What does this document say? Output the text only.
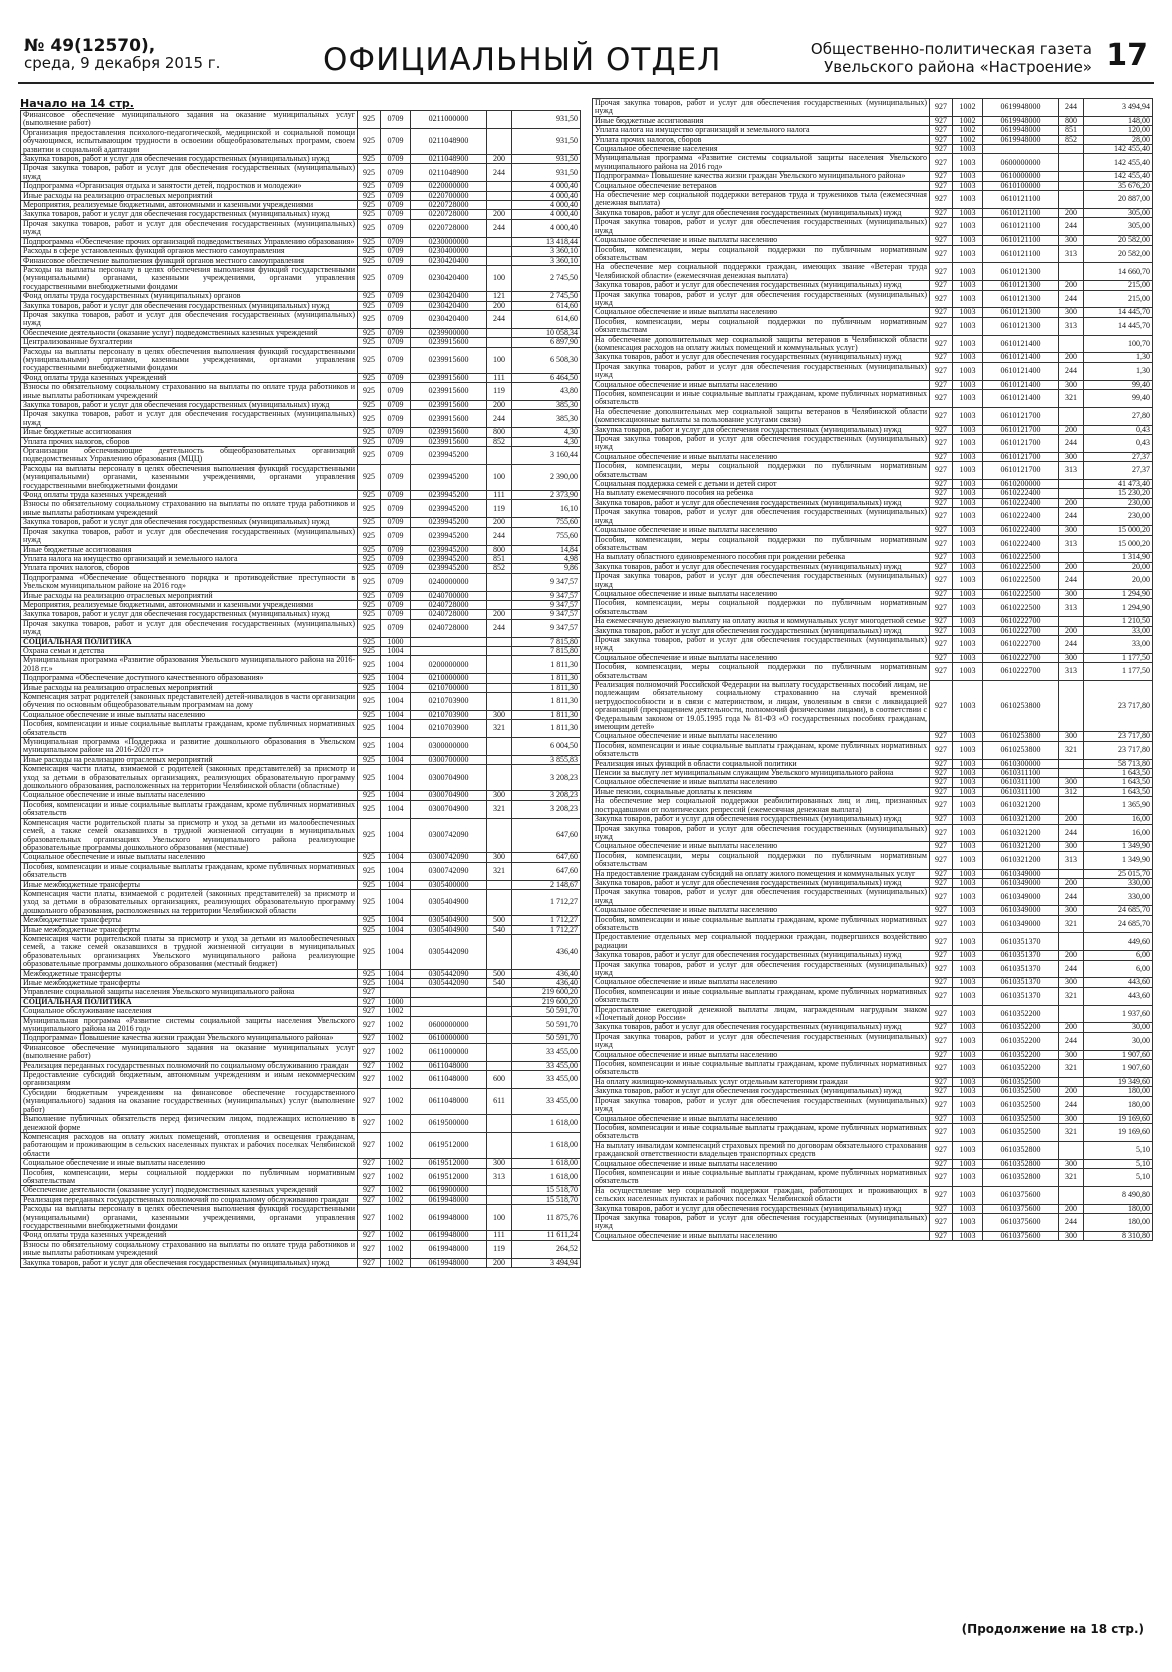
№ 49(12570),
среда, 9 декабря 2015 г.	ОФИЦИАЛЬНЫЙ ОТДЕЛ	Общественно-политическая газета
Увельского района «Настроение» 17
Начало на 14 стр.
Финансовое обеспечение муниципального задания на оказание муниципальных услуг (выполнение работ)	925	0709	0211000000		931,50
Организация предоставления психолого-педагогической, медицинской и социальной помощи обучающимся, испытывающим трудности в освоении общеобразовательных программ, своем развитии и социальной адаптации	925	0709	0211048900		931,50
Закупка товаров, работ и услуг для обеспечения государственных (муниципальных) нужд	925	0709	0211048900	200	931,50
Прочая закупка товаров, работ и услуг для обеспечения государственных (муниципальных) нужд	925	0709	0211048900	244	931,50
Подпрограмма «Организация отдыха и занятости детей, подростков и молодежи»	925	0709	0220000000		4 000,40
Иные расходы на реализацию отраслевых мероприятий	925	0709	0220700000		4 000,40
Мероприятия, реализуемые бюджетными, автономными и казенными учреждениями	925	0709	0220728000		4 000,40
Закупка товаров, работ и услуг для обеспечения государственных (муниципальных) нужд	925	0709	0220728000	200	4 000,40
Прочая закупка товаров, работ и услуг для обеспечения государственных (муниципальных) нужд	925	0709	0220728000	244	4 000,40
Подпрограмма «Обеспечение прочих организаций подведомственных Управлению образования»	925	0709	0230000000		13 418,44
Расходы в сфере установленных функций органов местного самоуправления	925	0709	0230400000		3 360,10
Финансовое обеспечение выполнения функций органов местного самоуправления	925	0709	0230420400		3 360,10
Расходы на выплаты персоналу в целях обеспечения выполнения функций государственными (муниципальными) органами, казенными учреждениями, органами управления государственными внебюджетными фондами	925	0709	0230420400	100	2 745,50
Фонд оплаты труда государственных (муниципальных) органов	925	0709	0230420400	121	2 745,50
Закупка товаров, работ и услуг для обеспечения государственных (муниципальных) нужд	925	0709	0230420400	200	614,60
Прочая закупка товаров, работ и услуг для обеспечения государственных (муниципальных) нужд	925	0709	0230420400	244	614,60
Обеспечение деятельности (оказание услуг) подведомственных казенных учреждений	925	0709	0239900000		10 058,34
Централизованные бухгалтерии	925	0709	0239915600		6 897,90
Расходы на выплаты персоналу в целях обеспечения выполнения функций государственными (муниципальными) органами, казенными учреждениями, органами управления государственными внебюджетными фондами	925	0709	0239915600	100	6 508,30
Фонд оплаты труда казенных учреждений	925	0709	0239915600	111	6 464,50
Взносы по обязательному социальному страхованию на выплаты по оплате труда работников и иные выплаты работникам учреждений	925	0709	0239915600	119	43,80
Закупка товаров, работ и услуг для обеспечения государственных (муниципальных) нужд	925	0709	0239915600	200	385,30
Прочая закупка товаров, работ и услуг для обеспечения государственных (муниципальных) нужд	925	0709	0239915600	244	385,30
Иные бюджетные ассигнования	925	0709	0239915600	800	4,30
Уплата прочих налогов, сборов	925	0709	0239915600	852	4,30
Организации обеспечивающие деятельность общеобразовательных организаций подведомственных Управлению образования (МЦЦ)	925	0709	0239945200		3 160,44
Расходы на выплаты персоналу в целях обеспечения выполнения функций государственными (муниципальными) органами, казенными учреждениями, органами управления государственными внебюджетными фондами	925	0709	0239945200	100	2 390,00
Фонд оплаты труда казенных учреждений	925	0709	0239945200	111	2 373,90
Взносы по обязательному социальному страхованию на выплаты по оплате труда работников и иные выплаты работникам учреждений	925	0709	0239945200	119	16,10
Закупка товаров, работ и услуг для обеспечения государственных (муниципальных) нужд	925	0709	0239945200	200	755,60
Прочая закупка товаров, работ и услуг для обеспечения государственных (муниципальных) нужд	925	0709	0239945200	244	755,60
Иные бюджетные ассигнования	925	0709	0239945200	800	14,84
Уплата налога на имущество организаций и земельного налога	925	0709	0239945200	851	4,98
Уплата прочих налогов, сборов	925	0709	0239945200	852	9,86
Подпрограмма «Обеспечение общественного порядка и противодействие преступности в Увельском муниципальном районе на 2016 год»	925	0709	0240000000		9 347,57
Иные расходы на реализацию отраслевых мероприятий	925	0709	0240700000		9 347,57
Мероприятия, реализуемые бюджетными, автономными и казенными учреждениями	925	0709	0240728000		9 347,57
Закупка товаров, работ и услуг для обеспечения государственных (муниципальных) нужд	925	0709	0240728000	200	9 347,57
Прочая закупка товаров, работ и услуг для обеспечения государственных (муниципальных) нужд	925	0709	0240728000	244	9 347,57
СОЦИАЛЬНАЯ ПОЛИТИКА	925	1000			7 815,80
Охрана семьи и детства	925	1004			7 815,80
Муниципальная программа «Развитие образования Увельского муниципального района на 2016-2018 гг.»	925	1004	0200000000		1 811,30
Подпрограмма «Обеспечение доступного качественного образования»	925	1004	0210000000		1 811,30
Иные расходы на реализацию отраслевых мероприятий	925	1004	0210700000		1 811,30
Компенсация затрат родителей (законных представителей) детей-инвалидов в части организации обучения по основным общеобразовательным программам на дому	925	1004	0210703900		1 811,30
Социальное обеспечение и иные выплаты населению	925	1004	0210703900	300	1 811,30
Пособия, компенсации и иные социальные выплаты гражданам, кроме публичных нормативных обязательств	925	1004	0210703900	321	1 811,30
Муниципальная программа «Поддержка и развитие дошкольного образования в Увельском муниципальном районе на 2016-2020 гг.»	925	1004	0300000000		6 004,50
Иные расходы на реализацию отраслевых мероприятий	925	1004	0300700000		3 855,83
Компенсация части платы, взимаемой с родителей (законных представителей) за присмотр и уход за детьми в образовательных организациях, реализующих образовательную программу дошкольного образования, расположенных на территории Челябинской области (областные)	925	1004	0300704900		3 208,23
Социальное обеспечение и иные выплаты населению	925	1004	0300704900	300	3 208,23
Пособия, компенсации и иные социальные выплаты гражданам, кроме публичных нормативных обязательств	925	1004	0300704900	321	3 208,23
Компенсация части родительской платы за присмотр и уход за детьми из малообеспеченных семей, а также семей оказавшихся в трудной жизненной ситуации в муниципальных образовательных организациях Увельского муниципального района реализующие образовательные программы дошкольного образования (местные)	925	1004	0300742090		647,60
Социальное обеспечение и иные выплаты населению	925	1004	0300742090	300	647,60
Пособия, компенсации и иные социальные выплаты гражданам, кроме публичных нормативных обязательств	925	1004	0300742090	321	647,60
Иные межбюджетные трансферты	925	1004	0305400000		2 148,67
Компенсация части платы, взимаемой с родителей (законных представителей) за присмотр и уход за детьми в образовательных организациях, реализующих образовательную программу дошкольного образования, расположенных на территории Челябинской области	925	1004	0305404900		1 712,27
Межбюджетные трансферты	925	1004	0305404900	500	1 712,27
Иные межбюджетные трансферты	925	1004	0305404900	540	1 712,27
Компенсация части родительской платы за присмотр и уход за детьми из малообеспеченных семей, а также семей оказавшихся в трудной жизненной ситуации в муниципальных образовательных организациях Увельского муниципального района реализующие образовательные программы дошкольного образования (местный бюджет)	925	1004	0305442090		436,40
Межбюджетные трансферты	925	1004	0305442090	500	436,40
Иные межбюджетные трансферты	925	1004	0305442090	540	436,40
Управление социальной защиты населения Увельского муниципального района	927				219 600,20
СОЦИАЛЬНАЯ ПОЛИТИКА	927	1000			219 600,20
Социальное обслуживание населения	927	1002			50 591,70
Муниципальная программа «Развитие системы социальной защиты населения Увельского муниципального района на 2016 год»	927	1002	0600000000		50 591,70
Подпрограмма» Повышение качества жизни граждан Увельского муниципального района»	927	1002	0610000000		50 591,70
Финансовое обеспечение муниципального задания на оказание муниципальных услуг (выполнение работ)	927	1002	0611000000		33 455,00
Реализация переданных государственных полномочий по социальному обслуживанию граждан	927	1002	0611048000		33 455,00
Предоставление субсидий бюджетным, автономным учреждениям и иным некоммерческим организациям	927	1002	0611048000	600	33 455,00
Субсидии бюджетным учреждениям на финансовое обеспечение государственного (муниципального) задания на оказание государственных (муниципальных) услуг (выполнение работ)	927	1002	0611048000	611	33 455,00
Выполнение публичных обязательств перед физическим лицом, подлежащих исполнению в денежной форме	927	1002	0619500000		1 618,00
Компенсация расходов на оплату жилых помещений, отопления и освещения гражданам, работающим и проживающим в сельских населенных пунктах и рабочих поселках Челябинской области	927	1002	0619512000		1 618,00
Социальное обеспечение и иные выплаты населению	927	1002	0619512000	300	1 618,00
Пособия, компенсации, меры социальной поддержки по публичным нормативным обязательствам	927	1002	0619512000	313	1 618,00
Обеспечение деятельности (оказание услуг) подведомственных казенных учреждений	927	1002	0619900000		15 518,70
Реализация переданных государственных полномочий по социальному обслуживанию граждан	927	1002	0619948000		15 518,70
Расходы на выплаты персоналу в целях обеспечения выполнения функций государственными (муниципальными) органами, казенными учреждениями, органами управления государственными внебюджетными фондами	927	1002	0619948000	100	11 875,76
Фонд оплаты труда казенных учреждений	927	1002	0619948000	111	11 611,24
Взносы по обязательному социальному страхованию на выплаты по оплате труда работников и иные выплаты работникам учреждений	927	1002	0619948000	119	264,52
Закупка товаров, работ и услуг для обеспечения государственных (муниципальных) нужд	927	1002	0619948000	200	3 494,94
Прочая закупка товаров, работ и услуг для обеспечения государственных (муниципальных) нужд	927	1002	0619948000	244	3 494,94
Иные бюджетные ассигнования	927	1002	0619948000	800	148,00
Уплата налога на имущество организаций и земельного налога	927	1002	0619948000	851	120,00
Уплата прочих налогов, сборов	927	1002	0619948000	852	28,00
Социальное обеспечение населения	927	1003			142 455,40
Муниципальная программа «Развитие системы социальной защиты населения Увельского муниципального района на 2016 год»	927	1003	0600000000		142 455,40
Подпрограмма» Повышение качества жизни граждан Увельского муниципального района»	927	1003	0610000000		142 455,40
Социальное обеспечение ветеранов	927	1003	0610100000		35 676,20
На обеспечение мер социальной поддержки ветеранов труда и тружеников тыла (ежемесячная денежная выплата)	927	1003	0610121100		20 887,00
Закупка товаров, работ и услуг для обеспечения государственных (муниципальных) нужд	927	1003	0610121100	200	305,00
Прочая закупка товаров, работ и услуг для обеспечения государственных (муниципальных) нужд	927	1003	0610121100	244	305,00
Социальное обеспечение и иные выплаты населению	927	1003	0610121100	300	20 582,00
Пособия, компенсации, меры социальной поддержки по публичным нормативным обязательствам	927	1003	0610121100	313	20 582,00
На обеспечение мер социальной поддержки граждан, имеющих звание «Ветеран труда Челябинской области» (ежемесячная денежная выплата)	927	1003	0610121300		14 660,70
Закупка товаров, работ и услуг для обеспечения государственных (муниципальных) нужд	927	1003	0610121300	200	215,00
Прочая закупка товаров, работ и услуг для обеспечения государственных (муниципальных) нужд	927	1003	0610121300	244	215,00
Социальное обеспечение и иные выплаты населению	927	1003	0610121300	300	14 445,70
Пособия, компенсации, меры социальной поддержки по публичным нормативным обязательствам	927	1003	0610121300	313	14 445,70
На обеспечение дополнительных мер социальной защиты ветеранов в Челябинской области (компенсация расходов на оплату жилых помещений и коммунальных услуг)	927	1003	0610121400		100,70
Закупка товаров, работ и услуг для обеспечения государственных (муниципальных) нужд	927	1003	0610121400	200	1,30
Прочая закупка товаров, работ и услуг для обеспечения государственных (муниципальных) нужд	927	1003	0610121400	244	1,30
Социальное обеспечение и иные выплаты населению	927	1003	0610121400	300	99,40
Пособия, компенсации и иные социальные выплаты гражданам, кроме публичных нормативных обязательств	927	1003	0610121400	321	99,40
На обеспечение дополнительных мер социальной защиты ветеранов в Челябинской области (компенсационные выплаты за пользование услугами связи)	927	1003	0610121700		27,80
Закупка товаров, работ и услуг для обеспечения государственных (муниципальных) нужд	927	1003	0610121700	200	0,43
Прочая закупка товаров, работ и услуг для обеспечения государственных (муниципальных) нужд	927	1003	0610121700	244	0,43
Социальное обеспечение и иные выплаты населению	927	1003	0610121700	300	27,37
Пособия, компенсации, меры социальной поддержки по публичным нормативным обязательствам	927	1003	0610121700	313	27,37
Социальная поддержка семей с детьми и детей сирот	927	1003	0610200000		41 473,40
На выплату ежемесячного пособия на ребенка	927	1003	0610222400		15 230,20
Закупка товаров, работ и услуг для обеспечения государственных (муниципальных) нужд	927	1003	0610222400	200	230,00
Прочая закупка товаров, работ и услуг для обеспечения государственных (муниципальных) нужд	927	1003	0610222400	244	230,00
Социальное обеспечение и иные выплаты населению	927	1003	0610222400	300	15 000,20
Пособия, компенсации, меры социальной поддержки по публичным нормативным обязательствам	927	1003	0610222400	313	15 000,20
На выплату областного единовременного пособия при рождении ребенка	927	1003	0610222500		1 314,90
Закупка товаров, работ и услуг для обеспечения государственных (муниципальных) нужд	927	1003	0610222500	200	20,00
Прочая закупка товаров, работ и услуг для обеспечения государственных (муниципальных) нужд	927	1003	0610222500	244	20,00
Социальное обеспечение и иные выплаты населению	927	1003	0610222500	300	1 294,90
Пособия, компенсации, меры социальной поддержки по публичным нормативным обязательствам	927	1003	0610222500	313	1 294,90
На ежемесячную денежную выплату на оплату жилья и коммунальных услуг многодетной семье	927	1003	0610222700		1 210,50
Закупка товаров, работ и услуг для обеспечения государственных (муниципальных) нужд	927	1003	0610222700	200	33,00
Прочая закупка товаров, работ и услуг для обеспечения государственных (муниципальных) нужд	927	1003	0610222700	244	33,00
Социальное обеспечение и иные выплаты населению	927	1003	0610222700	300	1 177,50
Пособия, компенсации, меры социальной поддержки по публичным нормативным обязательствам	927	1003	0610222700	313	1 177,50
Реализация полномочий Российской Федерации на выплату государственных пособий лицам, не подлежащим обязательному социальному страхованию на случай временной нетрудоспособности и в связи с материнством, и лицам, уволенным в связи с ликвидацией организаций (прекращением деятельности, полномочий физическими лицами), в соответствии с Федеральным законом от 19.05.1995 года № 81-ФЗ «О государственных пособиях гражданам, имеющим детей»	927	1003	0610253800		23 717,80
Социальное обеспечение и иные выплаты населению	927	1003	0610253800	300	23 717,80
Пособия, компенсации и иные социальные выплаты гражданам, кроме публичных нормативных обязательств	927	1003	0610253800	321	23 717,80
Реализация иных функций в области социальной политики	927	1003	0610300000		58 713,80
Пенсии за выслугу лет муниципальным служащим Увельского муниципального района	927	1003	0610311100		1 643,50
Социальное обеспечение и иные выплаты населению	927	1003	0610311100	300	1 643,50
Иные пенсии, социальные доплаты к пенсиям	927	1003	0610311100	312	1 643,50
На обеспечение мер социальной поддержки реабилитированных лиц и лиц, признанных пострадавшими от политических репрессий (ежемесячная денежная выплата)	927	1003	0610321200		1 365,90
Закупка товаров, работ и услуг для обеспечения государственных (муниципальных) нужд	927	1003	0610321200	200	16,00
Прочая закупка товаров, работ и услуг для обеспечения государственных (муниципальных) нужд	927	1003	0610321200	244	16,00
Социальное обеспечение и иные выплаты населению	927	1003	0610321200	300	1 349,90
Пособия, компенсации, меры социальной поддержки по публичным нормативным обязательствам	927	1003	0610321200	313	1 349,90
На предоставление гражданам субсидий на оплату жилого помещения и коммунальных услуг	927	1003	0610349000		25 015,70
Закупка товаров, работ и услуг для обеспечения государственных (муниципальных) нужд	927	1003	0610349000	200	330,00
Прочая закупка товаров, работ и услуг для обеспечения государственных (муниципальных) нужд	927	1003	0610349000	244	330,00
Социальное обеспечение и иные выплаты населению	927	1003	0610349000	300	24 685,70
Пособия, компенсации и иные социальные выплаты гражданам, кроме публичных нормативных обязательств	927	1003	0610349000	321	24 685,70
Предоставление отдельных мер социальной поддержки граждан, подвергшихся воздействию радиации	927	1003	0610351370		449,60
Закупка товаров, работ и услуг для обеспечения государственных (муниципальных) нужд	927	1003	0610351370	200	6,00
Прочая закупка товаров, работ и услуг для обеспечения государственных (муниципальных) нужд	927	1003	0610351370	244	6,00
Социальное обеспечение и иные выплаты населению	927	1003	0610351370	300	443,60
Пособия, компенсации и иные социальные выплаты гражданам, кроме публичных нормативных обязательств	927	1003	0610351370	321	443,60
Предоставление ежегодной денежной выплаты лицам, награжденным нагрудным знаком «Почетный донор России»	927	1003	0610352200		1 937,60
Закупка товаров, работ и услуг для обеспечения государственных (муниципальных) нужд	927	1003	0610352200	200	30,00
Прочая закупка товаров, работ и услуг для обеспечения государственных (муниципальных) нужд	927	1003	0610352200	244	30,00
Социальное обеспечение и иные выплаты населению	927	1003	0610352200	300	1 907,60
Пособия, компенсации и иные социальные выплаты гражданам, кроме публичных нормативных обязательств	927	1003	0610352200	321	1 907,60
На оплату жилищно-коммунальных услуг отдельным категориям граждан	927	1003	0610352500		19 349,60
Закупка товаров, работ и услуг для обеспечения государственных (муниципальных) нужд	927	1003	0610352500	200	180,00
Прочая закупка товаров, работ и услуг для обеспечения государственных (муниципальных) нужд	927	1003	0610352500	244	180,00
Социальное обеспечение и иные выплаты населению	927	1003	0610352500	300	19 169,60
Пособия, компенсации и иные социальные выплаты гражданам, кроме публичных нормативных обязательств	927	1003	0610352500	321	19 169,60
На выплату инвалидам компенсаций страховых премий по договорам обязательного страхования гражданской ответственности владельцев транспортных средств	927	1003	0610352800		5,10
Социальное обеспечение и иные выплаты населению	927	1003	0610352800	300	5,10
Пособия, компенсации и иные социальные выплаты гражданам, кроме публичных нормативных обязательств	927	1003	0610352800	321	5,10
На осуществление мер социальной поддержки граждан, работающих и проживающих в сельских населенных пунктах и рабочих поселках Челябинской области	927	1003	0610375600		8 490,80
Закупка товаров, работ и услуг для обеспечения государственных (муниципальных) нужд	927	1003	0610375600	200	180,00
Прочая закупка товаров, работ и услуг для обеспечения государственных (муниципальных) нужд	927	1003	0610375600	244	180,00
Социальное обеспечение и иные выплаты населению	927	1003	0610375600	300	8 310,80
(Продолжение на 18 стр.)
